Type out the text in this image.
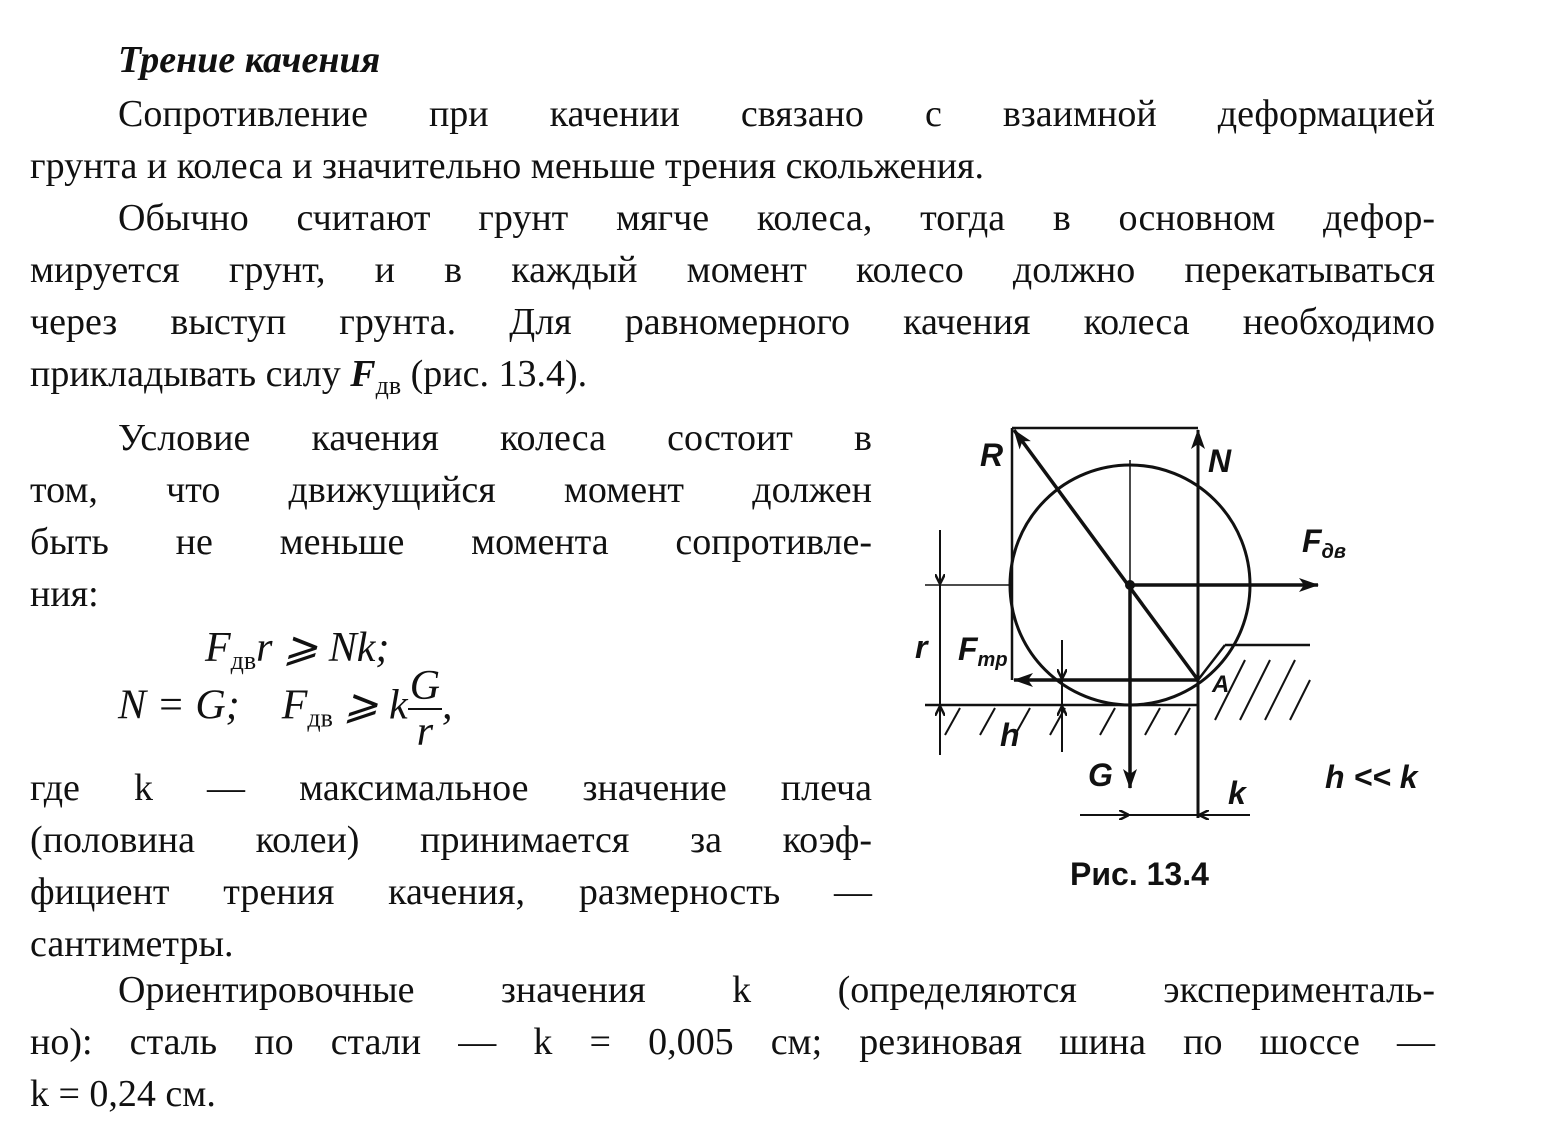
Трение качения
Сопротивление при качении связано с взаимной деформацией
грунта и колеса и значительно меньше трения скольжения.
Обычно считают грунт мягче колеса, тогда в основном дефор-
мируется грунт, и в каждый момент колесо должно перекатываться
через выступ грунта. Для равномерного качения колеса необходимо
прикладывать силу $F_{дв}$ (рис. 13.4).
Условие качения колеса состоит в
том, что движущийся момент должен
быть не меньше момента сопротивле-
ния:
$F_{дв}r$ ⩾ Nk;
N = G; $F_{дв}$ ⩾ k $\frac{G}{r}$,
где k — максимальное значение плеча
(половина колеи) принимается за коэф-
фициент трения качения, размерность —
сантиметры.
Ориентировочные значения k (определяются эксперименталь-
но): сталь по стали — k = 0,005 см; резиновая шина по шоссе —
k = 0,24 см.
R	N
Fдв
Fтр
r
h
G	k
A
h << k
Рис. 13.4
